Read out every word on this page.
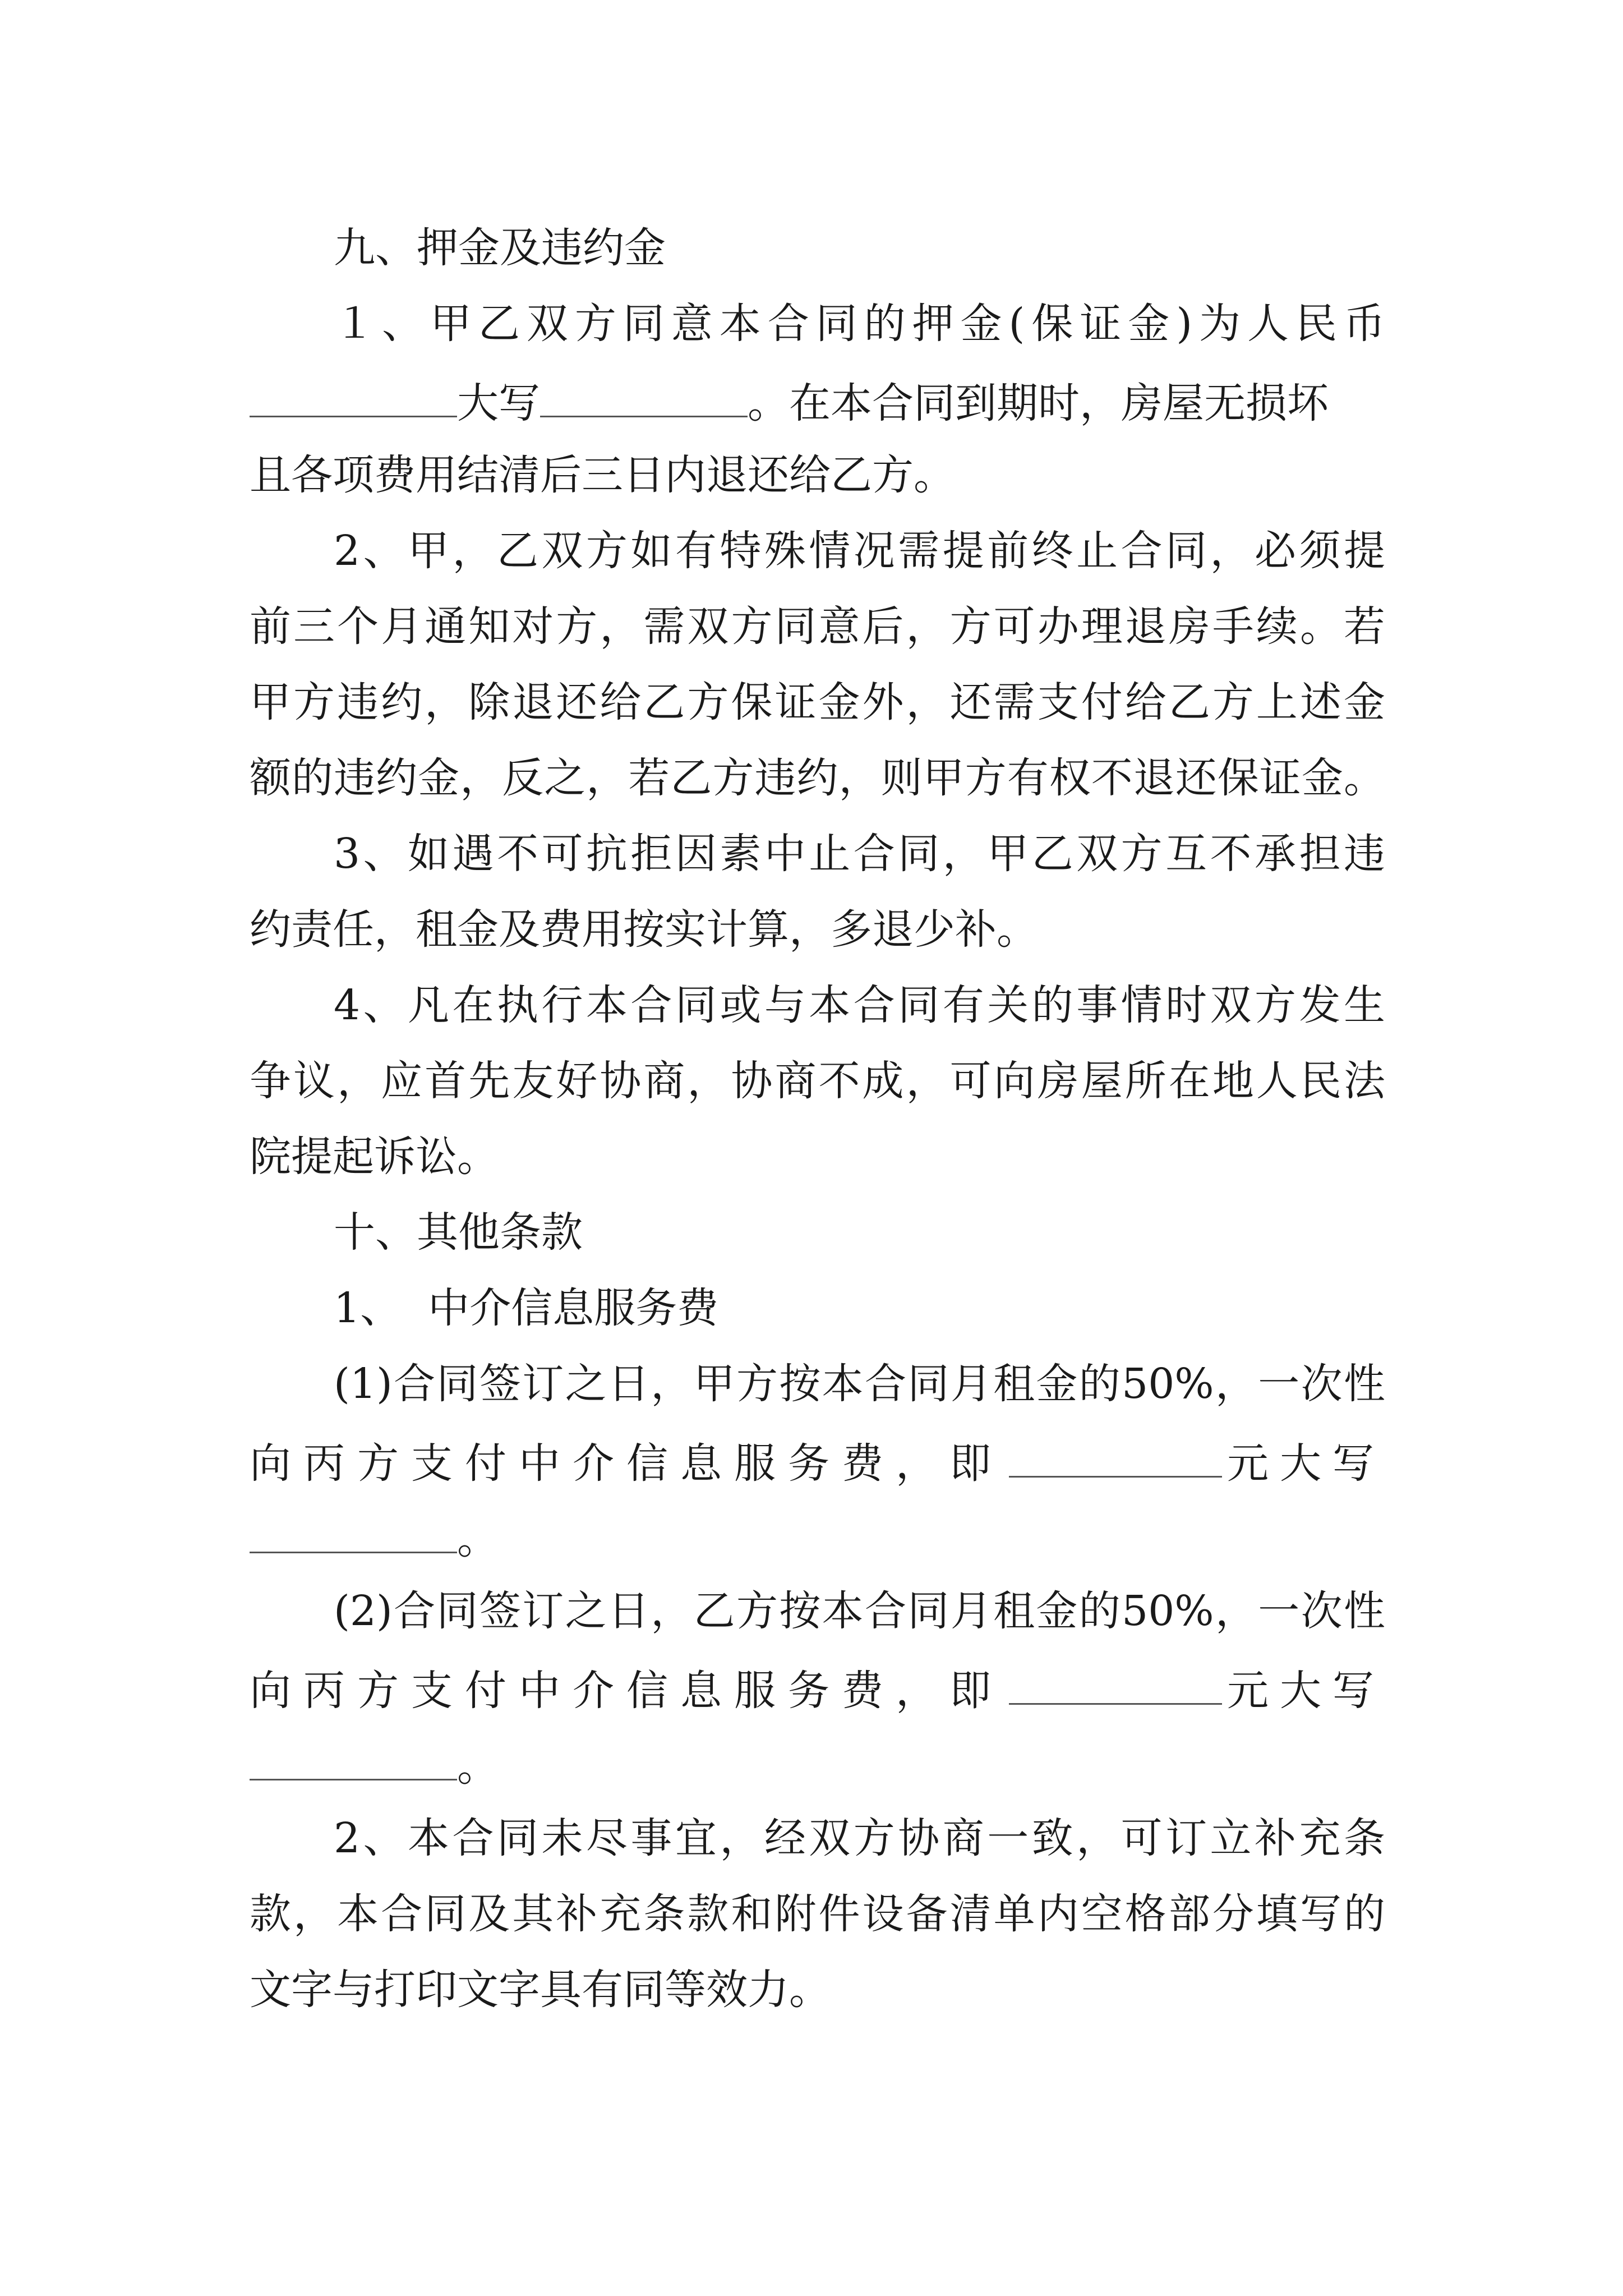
九、押金及违约金
１、甲乙双方同意本合同的押金(保证金)为人民币
大写	。在本合同到期时，房屋无损坏
且各项费用结清后三日内退还给乙方。
2、甲，乙双方如有特殊情况需提前终止合同，必须提
前三个月通知对方，需双方同意后，方可办理退房手续。若
甲方违约，除退还给乙方保证金外，还需支付给乙方上述金
额的违约金，反之，若乙方违约，则甲方有权不退还保证金。
3、如遇不可抗拒因素中止合同，甲乙双方互不承担违
约责任，租金及费用按实计算，多退少补。
4、凡在执行本合同或与本合同有关的事情时双方发生
争议，应首先友好协商，协商不成，可向房屋所在地人民法
院提起诉讼。
十、其他条款
1、  中介信息服务费
(1)合同签订之日，甲方按本合同月租金的50%，一次性
向丙方支付中介信息服务费，即	元大写
。
(2)合同签订之日，乙方按本合同月租金的50%，一次性
向丙方支付中介信息服务费，即	元大写
。
2、本合同未尽事宜，经双方协商一致，可订立补充条
款，本合同及其补充条款和附件设备清单内空格部分填写的
文字与打印文字具有同等效力。
